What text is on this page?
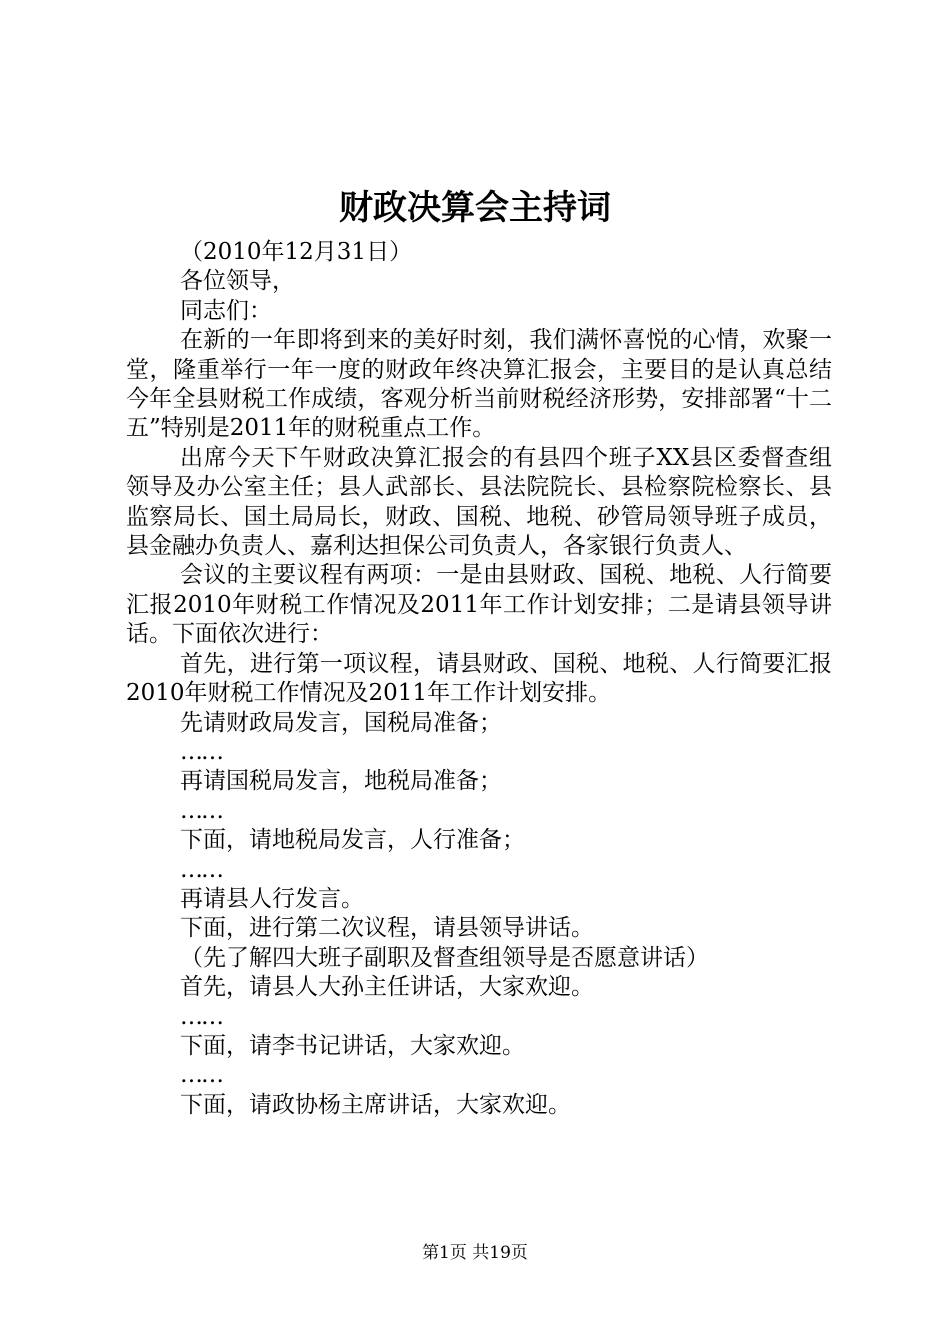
财政决算会主持词

（2010年12月31日）

各位领导，

同志们：

在新的一年即将到来的美好时刻，我们满怀喜悦的心情，欢聚一堂，隆重举行一年一度的财政年终决算汇报会，主要目的是认真总结今年全县财税工作成绩，客观分析当前财税经济形势，安排部署“十二五”特别是2011年的财税重点工作。

出席今天下午财政决算汇报会的有县四个班子XX县区委督查组领导及办公室主任；县人武部长、县法院院长、县检察院检察长、县监察局长、国土局局长，财政、国税、地税、砂管局领导班子成员，县金融办负责人、嘉利达担保公司负责人，各家银行负责人、

会议的主要议程有两项：一是由县财政、国税、地税、人行简要汇报2010年财税工作情况及2011年工作计划安排；二是请县领导讲话。下面依次进行：

首先，进行第一项议程，请县财政、国税、地税、人行简要汇报2010年财税工作情况及2011年工作计划安排。

先请财政局发言，国税局准备；

……

再请国税局发言，地税局准备；

……

下面，请地税局发言，人行准备；

……

再请县人行发言。

下面，进行第二次议程，请县领导讲话。

（先了解四大班子副职及督查组领导是否愿意讲话）

首先，请县人大孙主任讲话，大家欢迎。

……

下面，请李书记讲话，大家欢迎。

……

下面，请政协杨主席讲话，大家欢迎。

第1页 共19页
